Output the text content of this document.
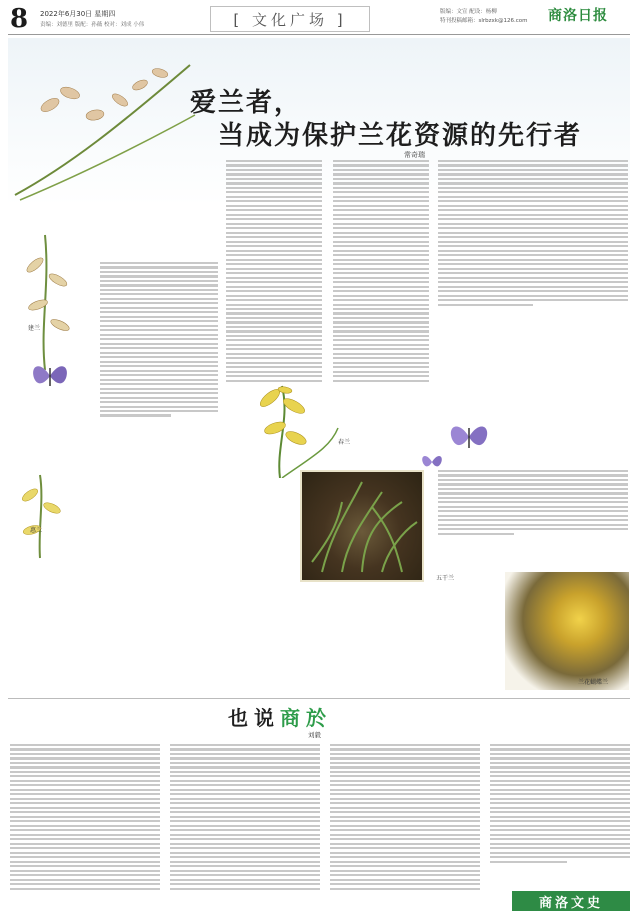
8 2022年6月30日 星期四
责编：刘德里 版配：孙薇 校对：刘成 小伟	[ 文化广场 ]	版编：文宣 配设：杨柳
特刊投稿邮箱：slrbzxk@126.com	商洛日报
建兰
惠兰
爱兰者，
当成为保护兰花资源的先行者
常奇瑞
春兰
五干兰
兰花蝴蝶兰
也说商於
刘毅
商洛文史
